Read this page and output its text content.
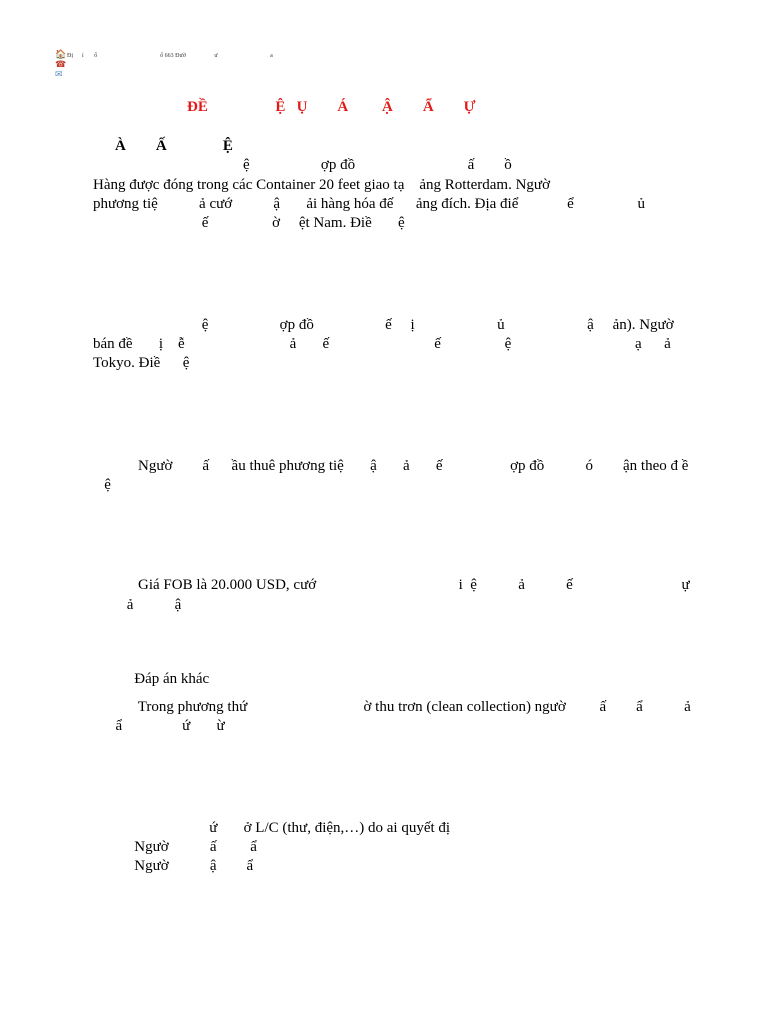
🏠
☎
✉
Đị      ỉ       ố                                          ố 663 Đườ                   ư                                   a
ĐỀ                  Ệ   Ụ        Á         Ậ        Ẩ        Ự
À        Ấ               Ệ
ệ                   ợp đồ                              ấ        ồ
Hàng được đóng trong các Container 20 feet giao tạ    ảng Rotterdam. Ngườ
phương tiệ           ả cướ           ậ       ải hàng hóa đế      ảng đích. Địa điể             ể                 ủ
ế                 ờ     ệt Nam. Điề       ệ
ệ                   ợp đồ                   ế     ị                      ủ                      ậ     ản). Ngườ
bán đề       ị    ễ                            ả       ế                            ế                 ệ                                 ạ      ả
Tokyo. Điề      ệ
Ngườ        ấ      ầu thuê phương tiệ       ậ       ả       ế                  ợp đồ           ó        ận theo đ ề
ệ
Giá FOB là 20.000 USD, cướ                                      i  ệ           ả           ế                             ự
ả           ậ
Đáp án khác
Trong phương thứ                               ờ thu trơn (clean collection) ngườ         ấ        ẩ           ả
ẩ                ứ       ừ
ứ       ở L/C (thư, điện,…) do ai quyết đị
Ngườ           ấ         ẩ
Ngườ           ậ        ẩ
